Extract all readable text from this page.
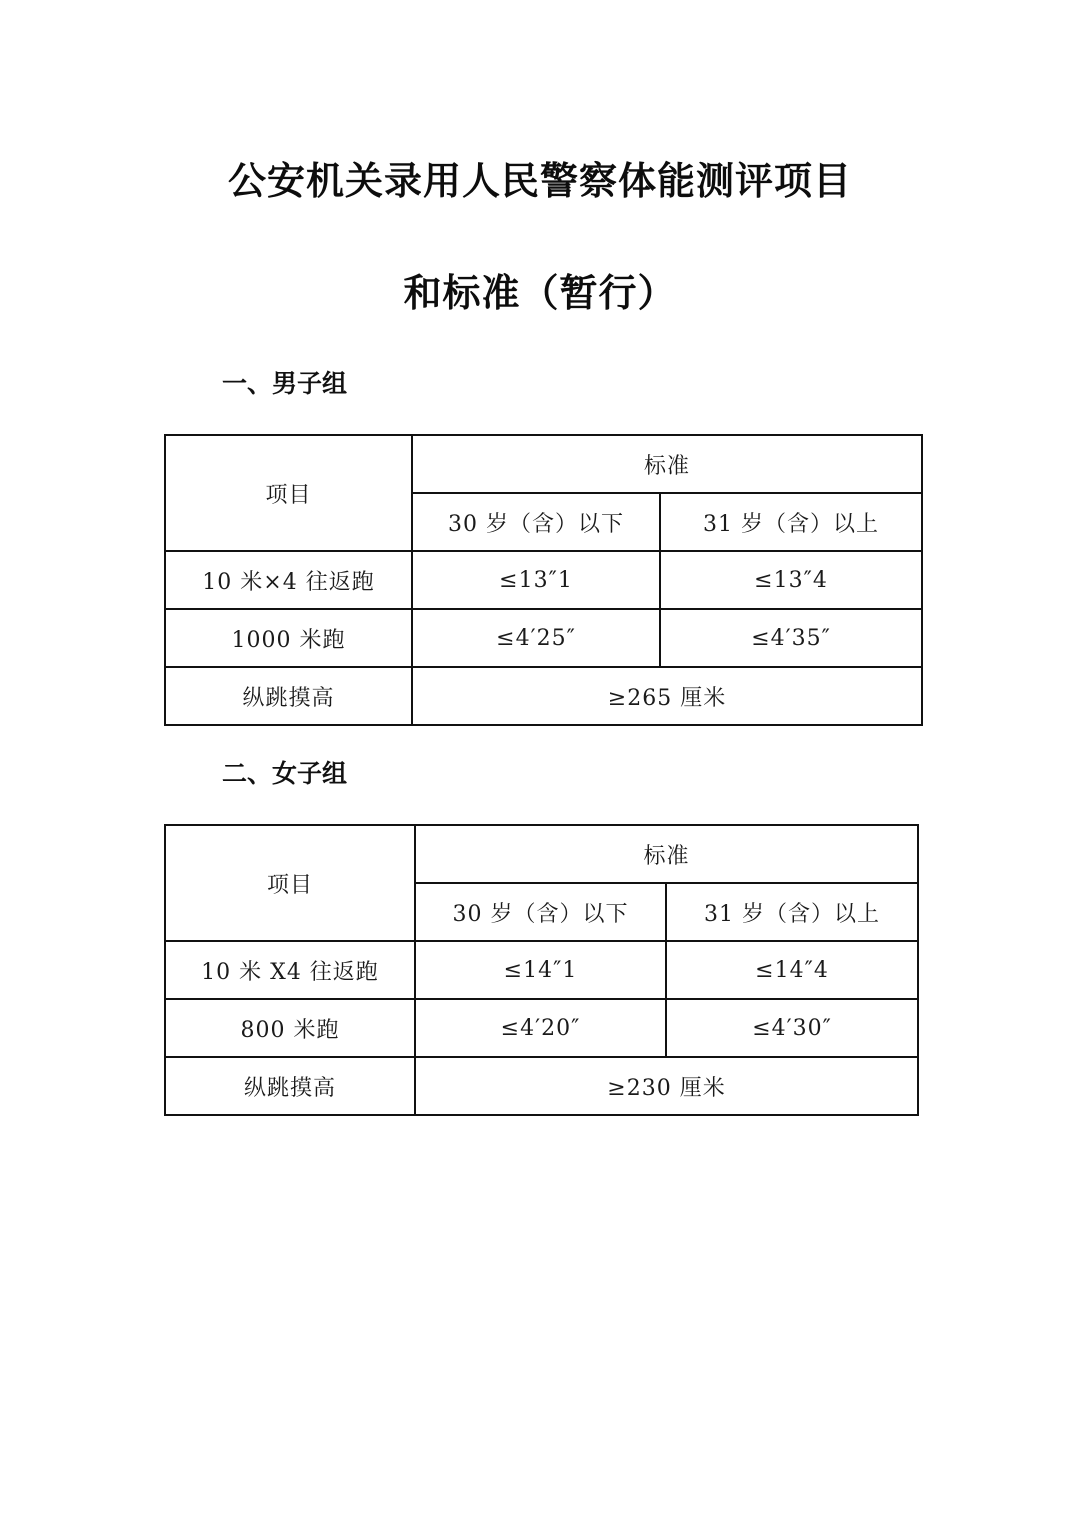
公安机关录用人民警察体能测评项目
和标准（暂行）
一、男子组
项目	标准	
	30 岁（含）以下	31 岁（含）以上
10 米×4 往返跑	≤13″1	≤13″4
1000 米跑	≤4′25″	≤4′35″
纵跳摸高	≥265 厘米	
二、女子组
项目	标准	
	30 岁（含）以下	31 岁（含）以上
10 米 X4 往返跑	≤14″1	≤14″4
800 米跑	≤4′20″	≤4′30″
纵跳摸高	≥230 厘米	
